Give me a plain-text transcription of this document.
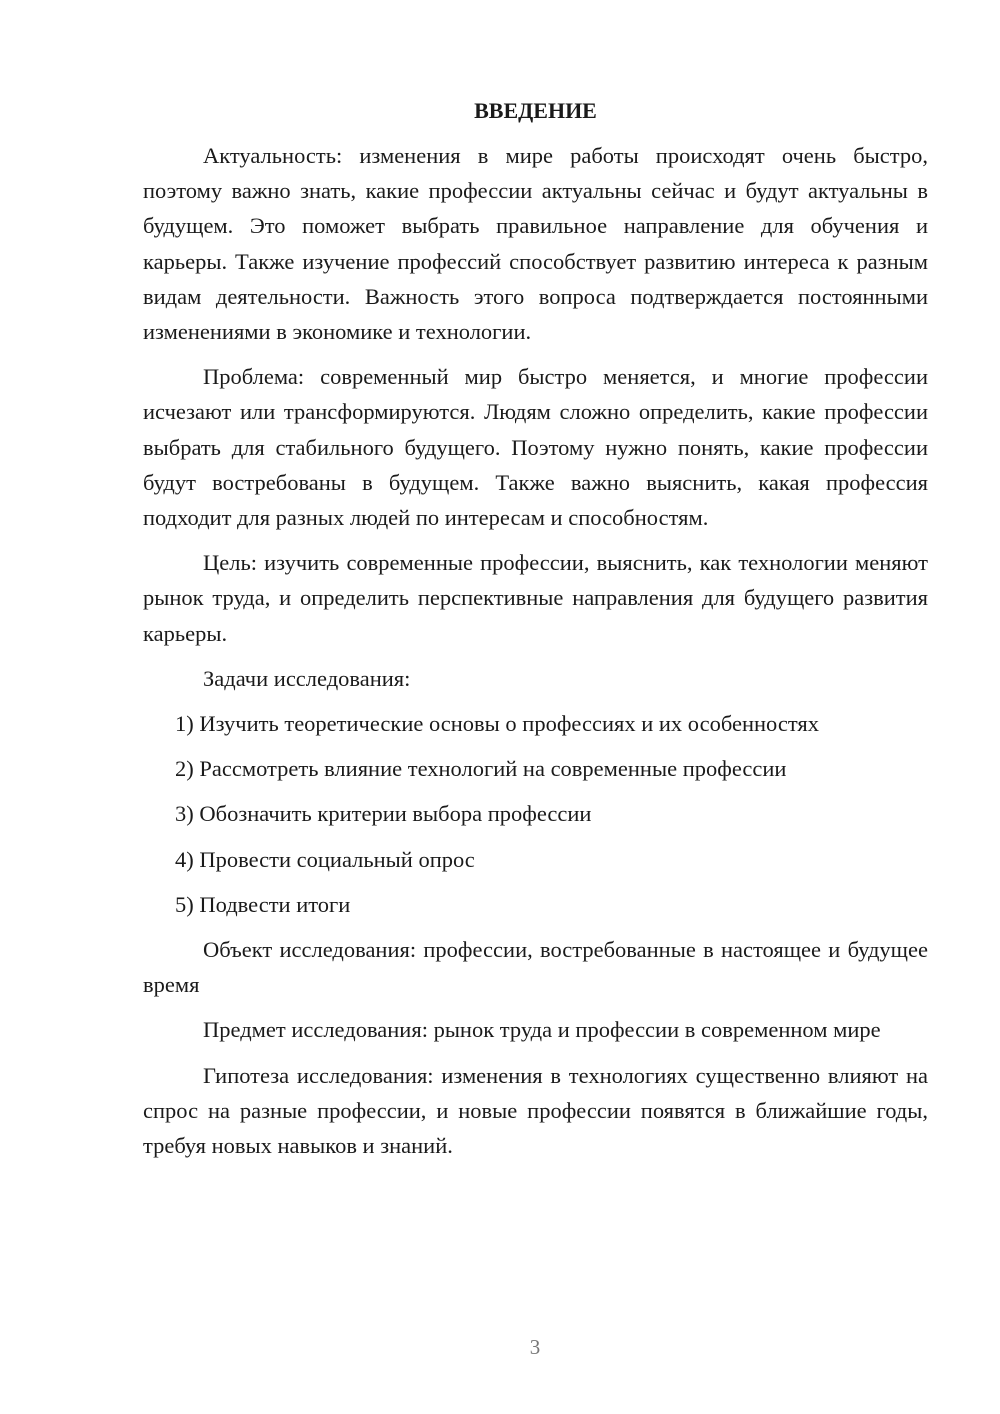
ВВЕДЕНИЕ

Актуальность: изменения в мире работы происходят очень быстро, поэтому важно знать, какие профессии актуальны сейчас и будут актуальны в будущем. Это поможет выбрать правильное направление для обучения и карьеры. Также изучение профессий способствует развитию интереса к разным видам деятельности. Важность этого вопроса подтверждается постоянными изменениями в экономике и технологии.

Проблема: современный мир быстро меняется, и многие профессии исчезают или трансформируются. Людям сложно определить, какие профессии выбрать для стабильного будущего. Поэтому нужно понять, какие профессии будут востребованы в будущем. Также важно выяснить, какая профессия подходит для разных людей по интересам и способностям.

Цель: изучить современные профессии, выяснить, как технологии меняют рынок труда, и определить перспективные направления для будущего развития карьеры.

Задачи исследования:

1) Изучить теоретические основы о профессиях и их особенностях

2) Рассмотреть влияние технологий на современные профессии

3) Обозначить критерии выбора профессии

4) Провести социальный опрос

5) Подвести итоги

Объект исследования: профессии, востребованные в настоящее и будущее время

Предмет исследования: рынок труда и профессии в современном мире

Гипотеза исследования: изменения в технологиях существенно влияют на спрос на разные профессии, и новые профессии появятся в ближайшие годы, требуя новых навыков и знаний.

3
